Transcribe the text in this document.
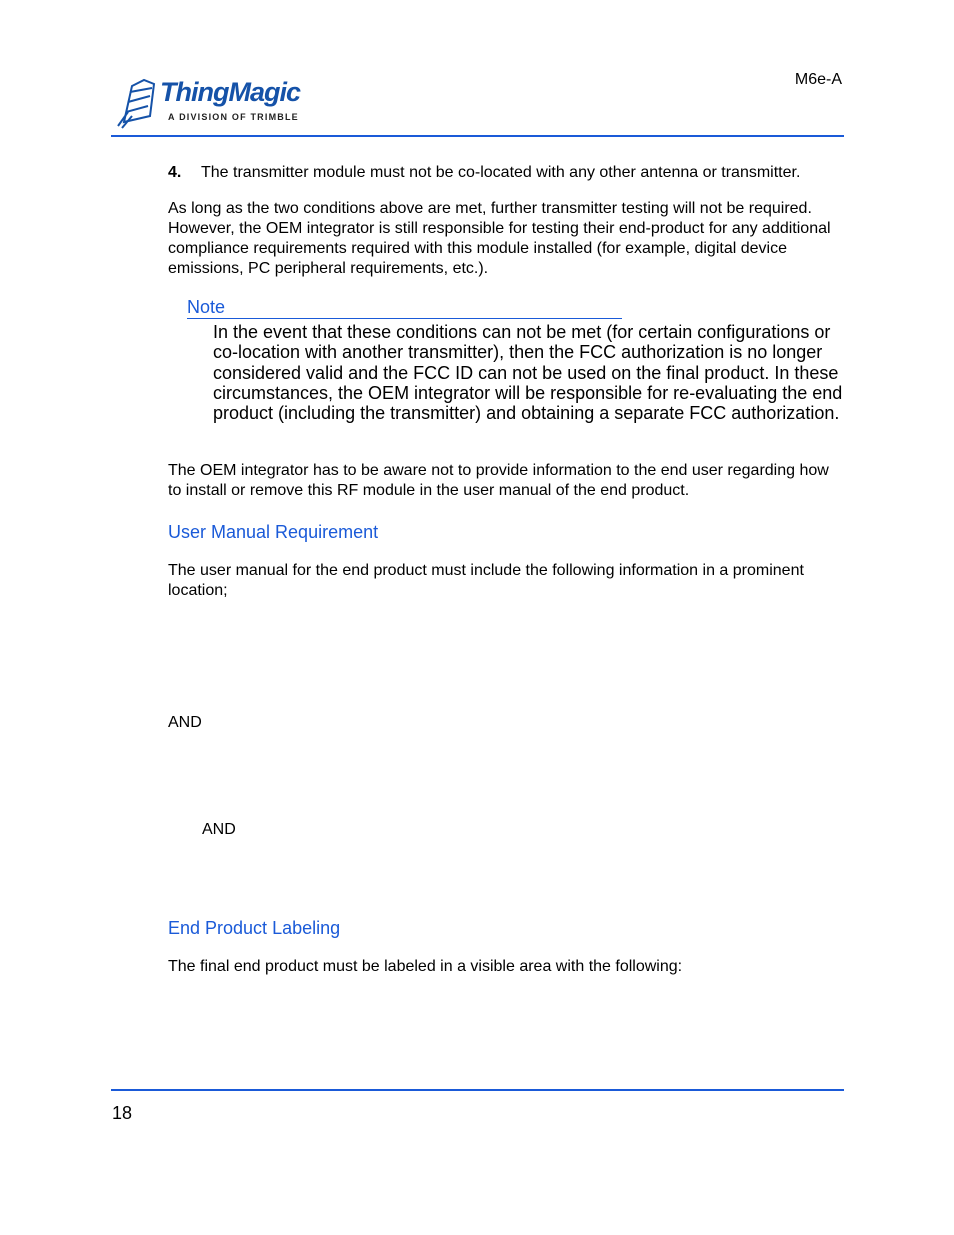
ThingMagic
A DIVISION OF TRIMBLE
M6e-A
4. The transmitter module must not be co-located with any other antenna or transmitter.
As long as the two conditions above are met, further transmitter testing will not be required. However, the OEM integrator is still responsible for testing their end-product for any additional compliance requirements required with this module installed (for example, digital device emissions, PC peripheral requirements, etc.).
Note
In the event that these conditions can not be met (for certain configurations or co-location with another transmitter), then the FCC authorization is no longer considered valid and the FCC ID can not be used on the final product. In these circumstances, the OEM integrator will be responsible for re-evaluating the end product (including the transmitter) and obtaining a separate FCC authorization.
The OEM integrator has to be aware not to provide information to the end user regarding how to install or remove this RF module in the user manual of the end product.
User Manual Requirement
The user manual for the end product must include the following information in a prominent location;
AND
AND
End Product Labeling
The final end product must be labeled in a visible area with the following:
18
